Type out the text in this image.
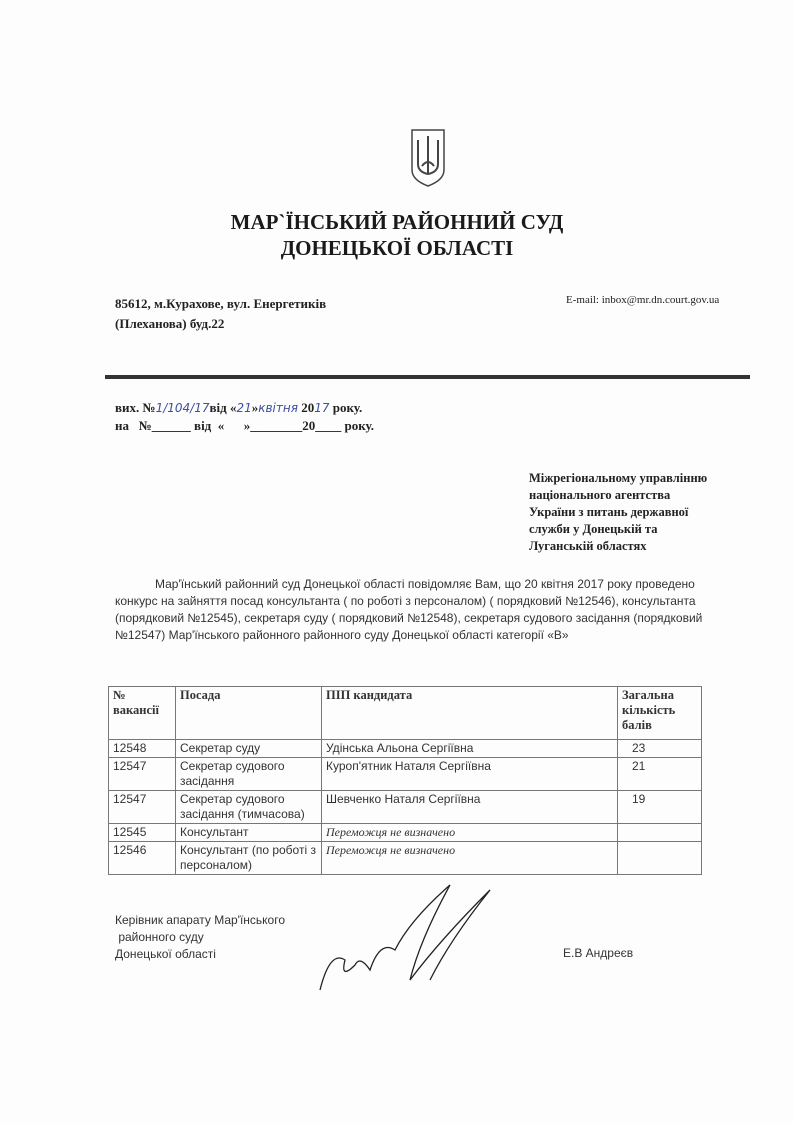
МАР`ЇНСЬКИЙ РАЙОННИЙ СУД
ДОНЕЦЬКОЇ ОБЛАСТІ
85612, м.Курахове, вул. Енергетиків
(Плеханова) буд.22
E-mail: inbox@mr.dn.court.gov.ua
вих. №1/104/17від «21»квітня 2017 року.
на   №______ від  «      »________20____ року.
Міжрегіональному управлінню
національного агентства
України з питань державної
служби у Донецькій та
Луганській областях
Мар'їнський районний суд Донецької області повідомляє Вам, що 20 квітня 2017 року проведено конкурс на зайняття посад консультанта ( по роботі з персоналом) ( порядковий №12546), консультанта (порядковий №12545), секретаря суду ( порядковий №12548), секретаря судового засідання (порядковий №12547) Мар'їнського районного районного суду Донецької області категорії «В»
№ вакансії	Посада	ПІП кандидата	Загальна кількість балів
12548	Секретар суду	Удінська Альона Сергіївна	23
12547	Секретар судового засідання	Куроп'ятник Наталя Сергіївна	21
12547	Секретар судового засідання (тимчасова)	Шевченко Наталя Сергіївна	19
12545	Консультант	Переможця не визначено	
12546	Консультант (по роботі з персоналом)	Переможця не визначено	
Керівник апарату Мар'їнського
районного суду
Донецької області	Е.В Андреєв
